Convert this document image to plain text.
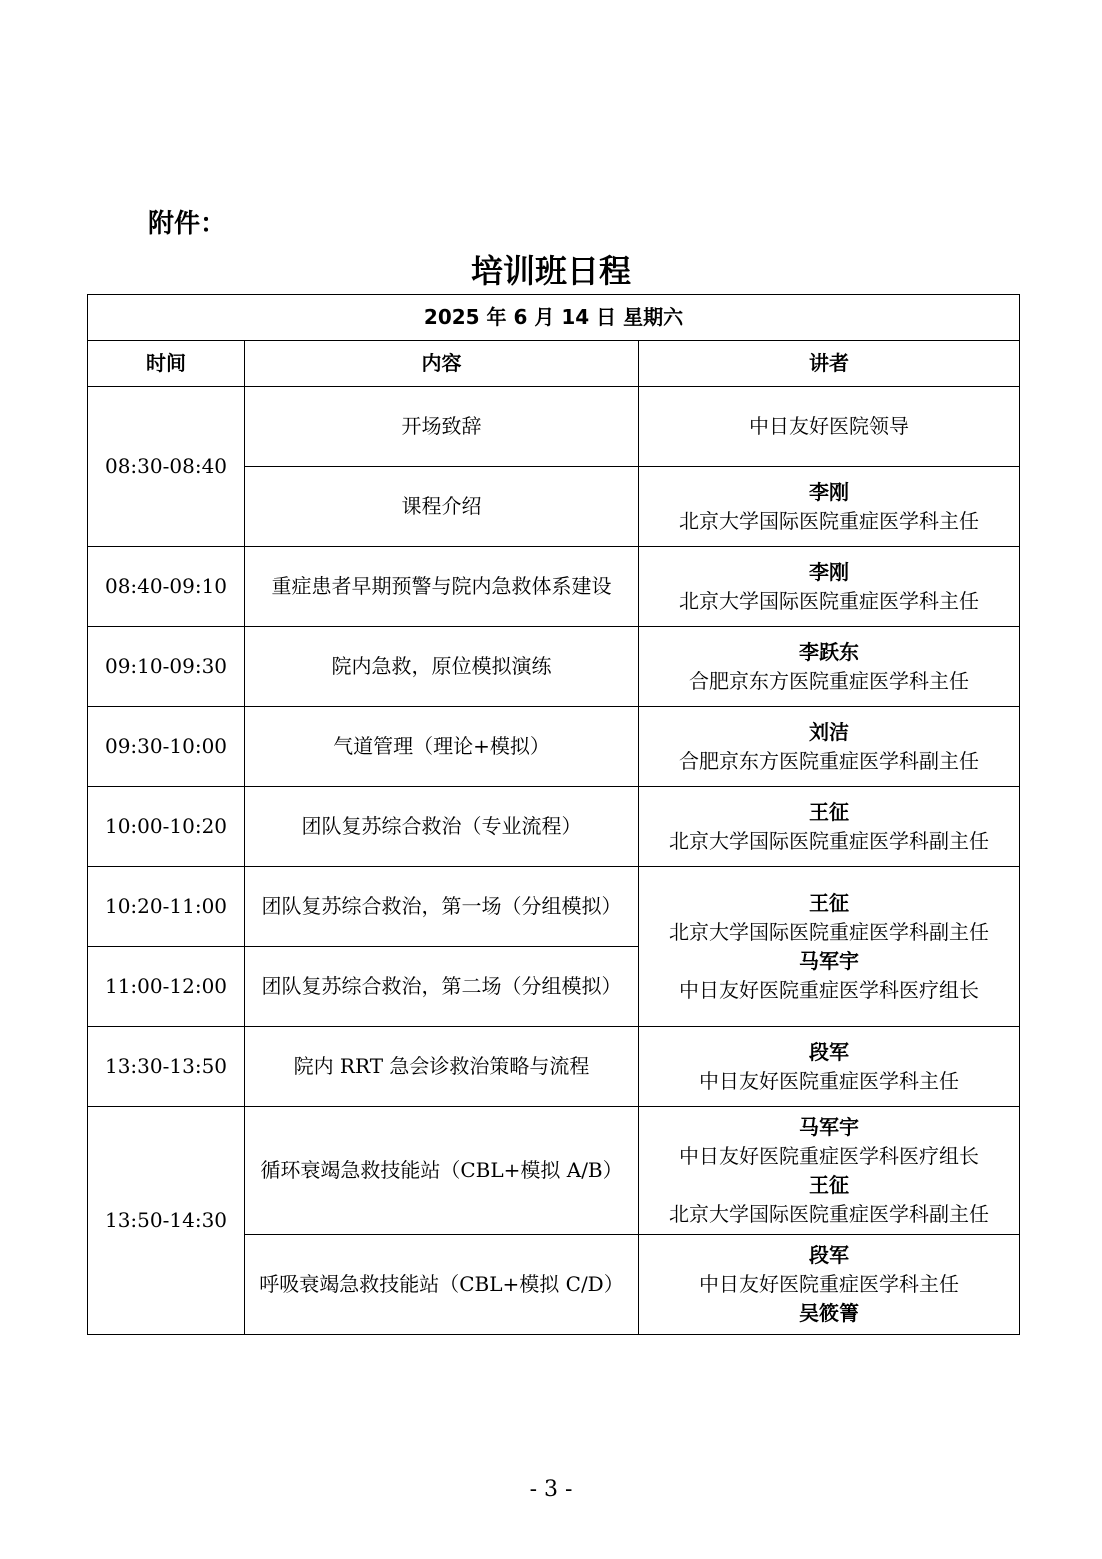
附件：

培训班日程
2025 年 6 月 14 日 星期六		
时间	内容	讲者
08:30-08:40	开场致辞	中日友好医院领导

	课程介绍	李刚
北京大学国际医院重症医学科主任

08:40-09:10	重症患者早期预警与院内急救体系建设	李刚
北京大学国际医院重症医学科主任

09:10-09:30	院内急救，原位模拟演练	李跃东
合肥京东方医院重症医学科主任

09:30-10:00	气道管理（理论+模拟）	刘洁
合肥京东方医院重症医学科副主任

10:00-10:20	团队复苏综合救治（专业流程）	王征
北京大学国际医院重症医学科副主任

10:20-11:00	团队复苏综合救治，第一场（分组模拟）	王征
北京大学国际医院重症医学科副主任
马军宇
中日友好医院重症医学科医疗组长

11:00-12:00	团队复苏综合救治，第二场（分组模拟）	
13:30-13:50	院内 RRT 急会诊救治策略与流程	段军
中日友好医院重症医学科主任

13:50-14:30	循环衰竭急救技能站（CBL+模拟 A/B）	马军宇
中日友好医院重症医学科医疗组长
王征
北京大学国际医院重症医学科副主任

	呼吸衰竭急救技能站（CBL+模拟 C/D）	段军
中日友好医院重症医学科主任
吴筱箐

- 3 -
